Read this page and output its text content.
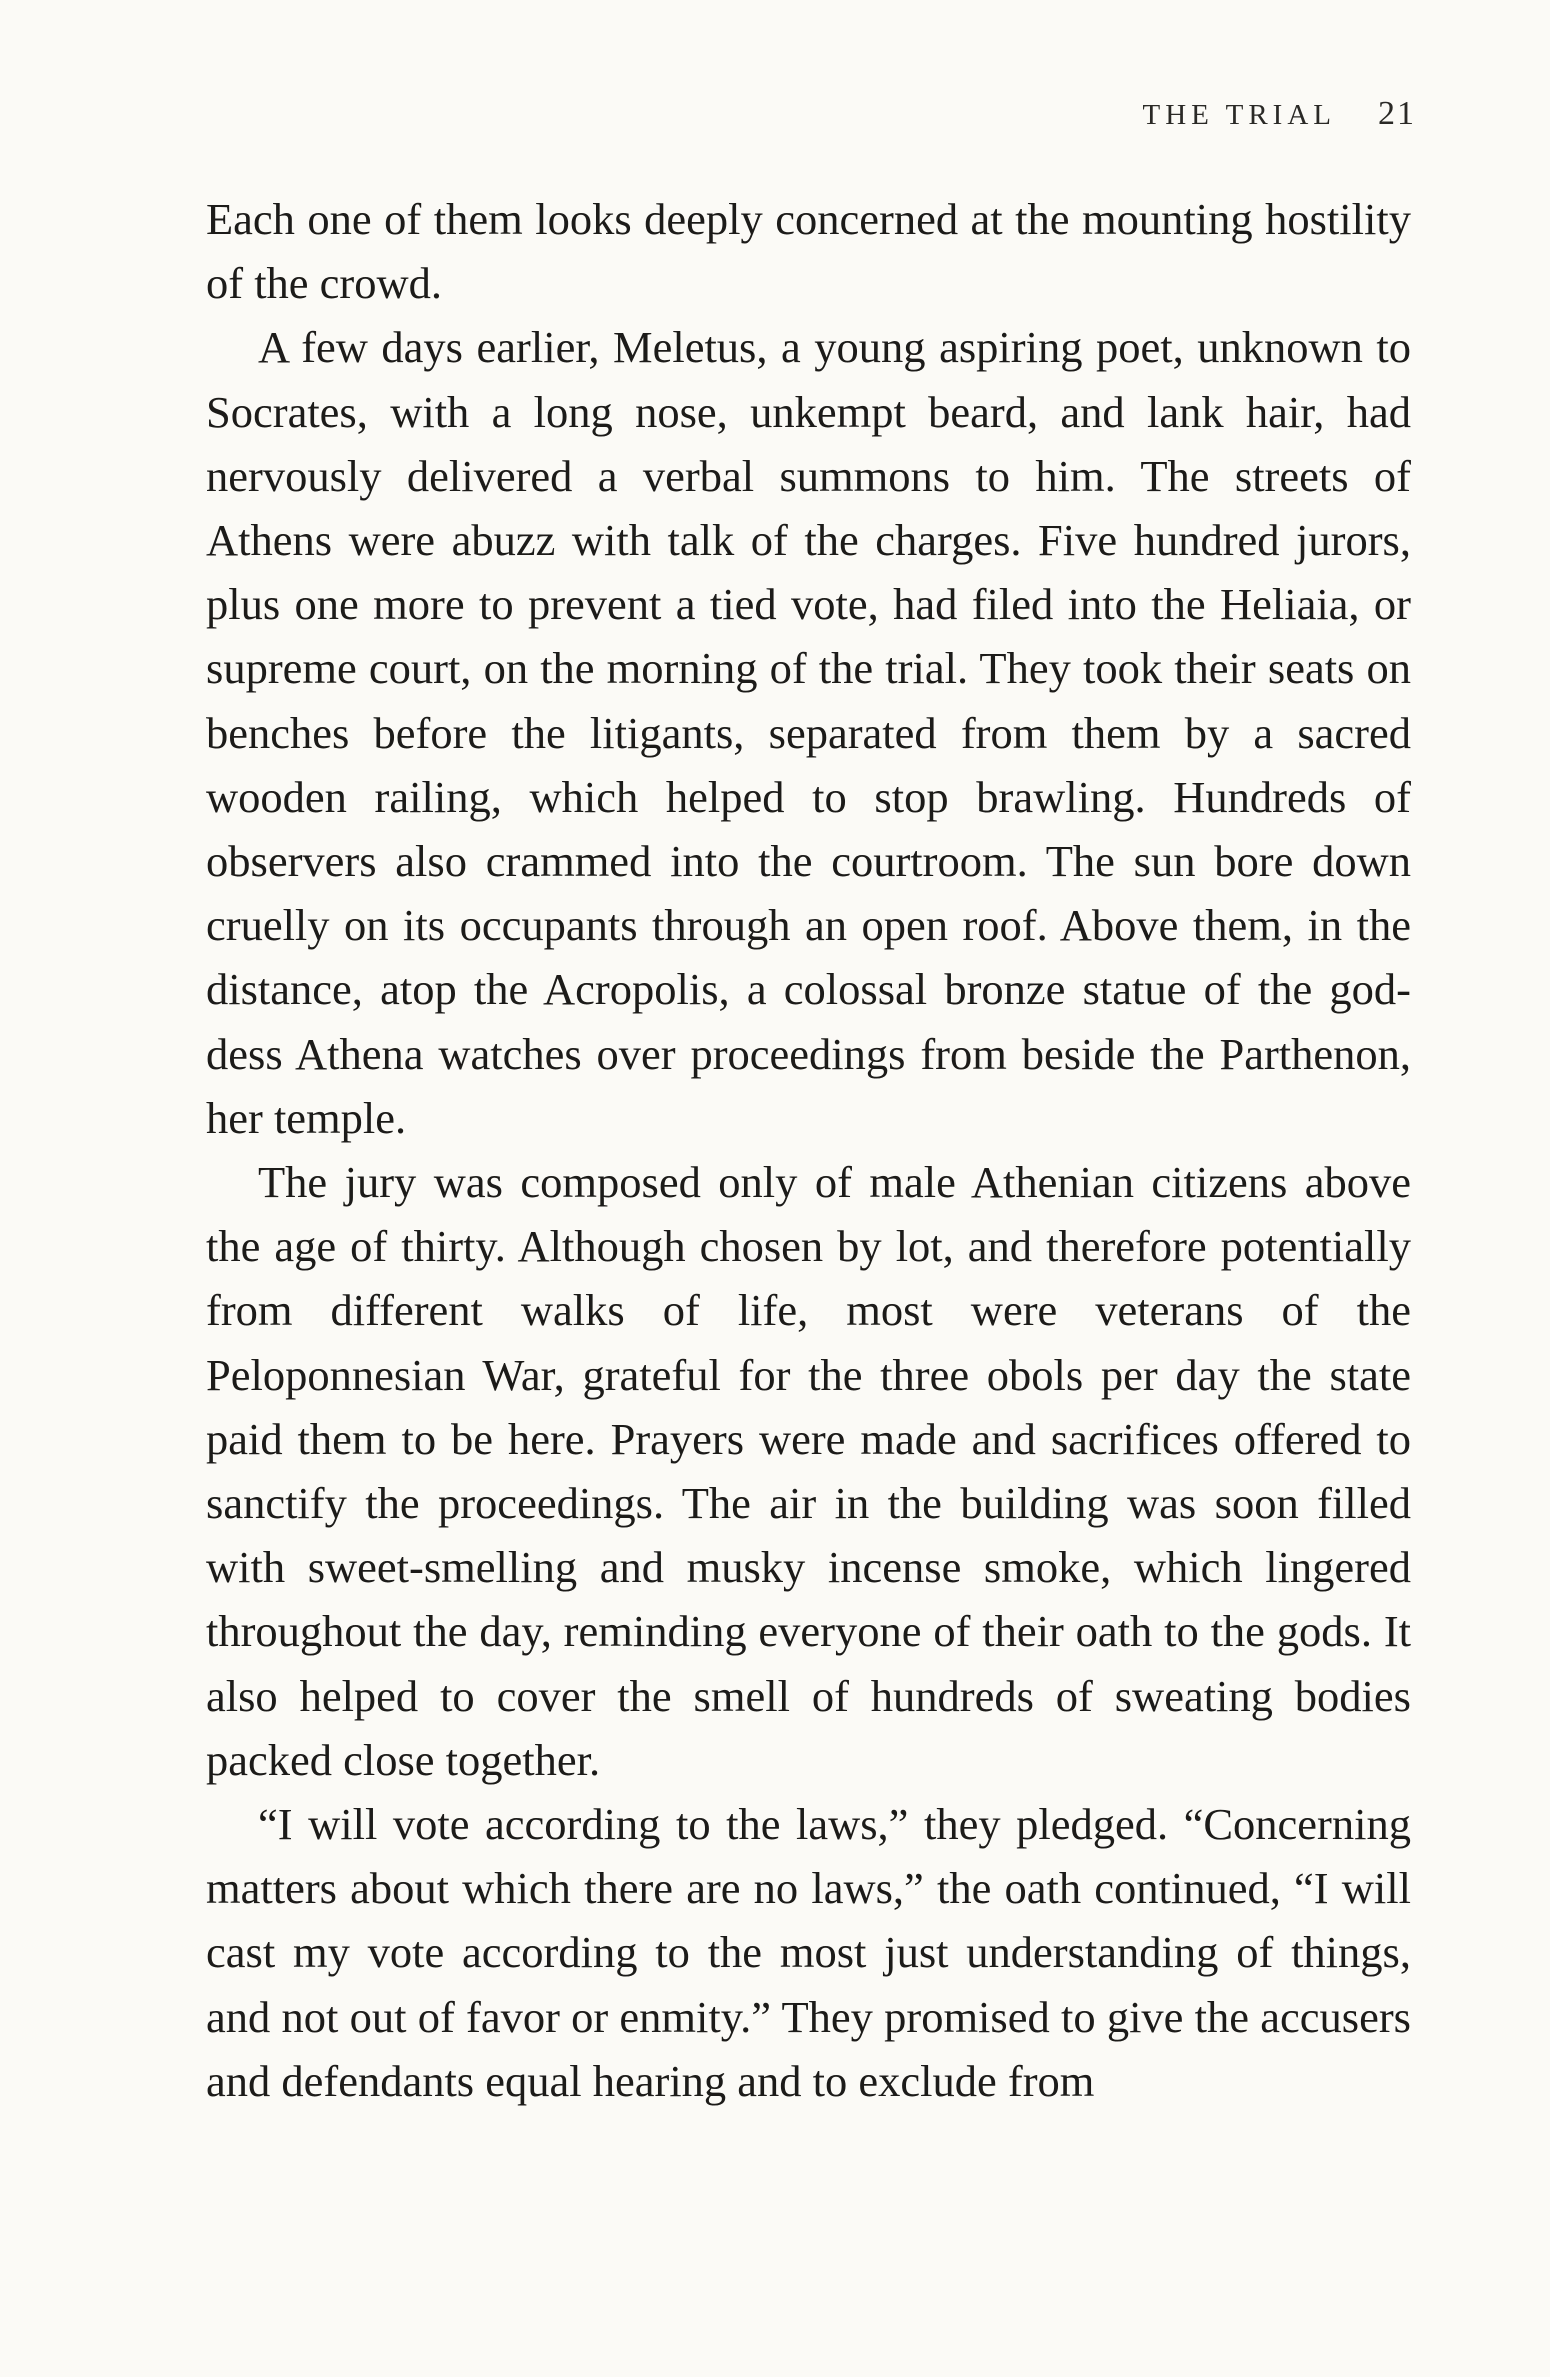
THE TRIAL 21

Each one of them looks deeply concerned at the mounting hostility of the crowd.

A few days earlier, Meletus, a young aspiring poet, unknown to Socrates, with a long nose, unkempt beard, and lank hair, had nervously delivered a verbal summons to him. The streets of Athens were abuzz with talk of the charges. Five hundred jurors, plus one more to prevent a tied vote, had filed into the Heliaia, or supreme court, on the morning of the trial. They took their seats on benches before the litigants, separated from them by a sacred wooden railing, which helped to stop brawling. Hundreds of observers also crammed into the courtroom. The sun bore down cruelly on its occupants through an open roof. Above them, in the distance, atop the Acropolis, a colossal bronze statue of the goddess Athena watches over proceedings from beside the Parthenon, her temple.

The jury was composed only of male Athenian citizens above the age of thirty. Although chosen by lot, and therefore potentially from different walks of life, most were veterans of the Peloponnesian War, grateful for the three obols per day the state paid them to be here. Prayers were made and sacrifices offered to sanctify the proceedings. The air in the building was soon filled with sweet-smelling and musky incense smoke, which lingered throughout the day, reminding everyone of their oath to the gods. It also helped to cover the smell of hundreds of sweating bodies packed close together.

“I will vote according to the laws,” they pledged. “Concerning matters about which there are no laws,” the oath continued, “I will cast my vote according to the most just understanding of things, and not out of favor or enmity.” They promised to give the accusers and defendants equal hearing and to exclude from
